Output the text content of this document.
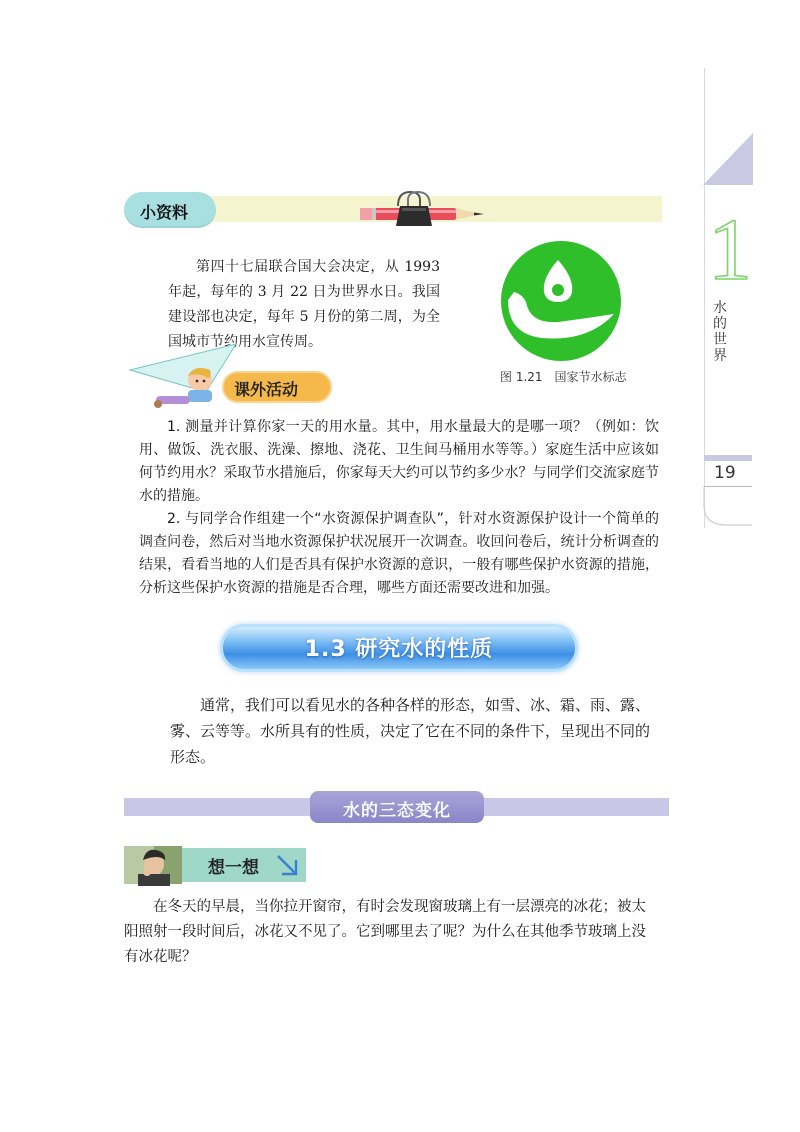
1
水
的
世
界
19
小资料

第四十七届联合国大会决定，从 1993 年起，每年的 3 月 22 日为世界水日。我国建设部也决定，每年 5 月份的第二周，为全国城市节约用水宣传周。

图 1.21　国家节水标志
课外活动

1. 测量并计算你家一天的用水量。其中，用水量最大的是哪一项？（例如：饮用、做饭、洗衣服、洗澡、擦地、浇花、卫生间马桶用水等等。）家庭生活中应该如何节约用水？采取节水措施后，你家每天大约可以节约多少水？与同学们交流家庭节水的措施。

2. 与同学合作组建一个“水资源保护调查队”，针对水资源保护设计一个简单的调查问卷，然后对当地水资源保护状况展开一次调查。收回问卷后，统计分析调查的结果，看看当地的人们是否具有保护水资源的意识，一般有哪些保护水资源的措施，分析这些保护水资源的措施是否合理，哪些方面还需要改进和加强。

1.3 研究水的性质

通常，我们可以看见水的各种各样的形态，如雪、冰、霜、雨、露、雾、云等等。水所具有的性质，决定了它在不同的条件下，呈现出不同的形态。

水的三态变化
想一想

在冬天的早晨，当你拉开窗帘，有时会发现窗玻璃上有一层漂亮的冰花；被太阳照射一段时间后，冰花又不见了。它到哪里去了呢？为什么在其他季节玻璃上没有冰花呢？
